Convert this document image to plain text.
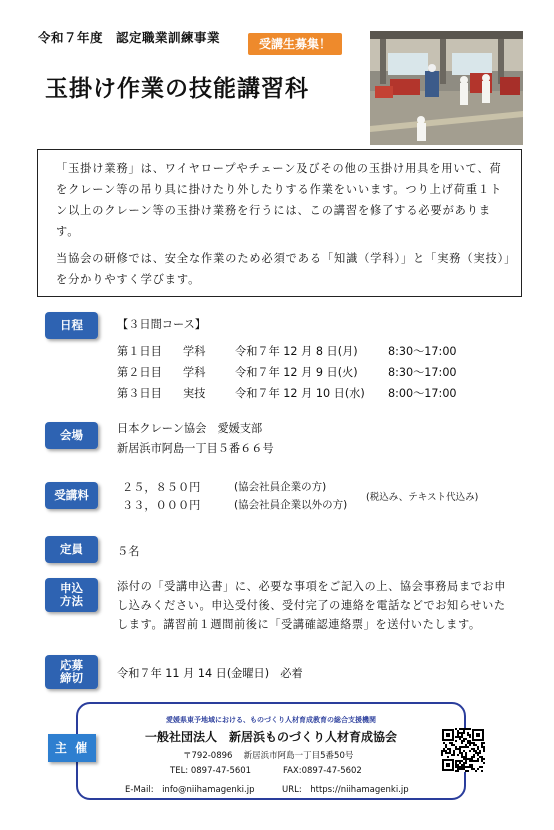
令和７年度　認定職業訓練事業	受講生募集！
玉掛け作業の技能講習科

「玉掛け業務」は、ワイヤロープやチェーン及びその他の玉掛け用具を用いて、荷をクレーン等の吊り具に掛けたり外したりする作業をいいます。つり上げ荷重１トン以上のクレーン等の玉掛け業務を行うには、この講習を修了する必要があります。

当協会の研修では、安全な作業のため必須である「知識（学科）」と「実務（実技）」を分かりやすく学びます。

日程	【３日間コース】
第１日目	学科	令和７年 12 月 8 日(月)	8:30～17:00
第２日目	学科	令和７年 12 月 9 日(火)	8:30～17:00
第３日目	実技	令和７年 12 月 10 日(水)	8:00～17:00
会場	日本クレーン協会　愛媛支部
新居浜市阿島一丁目５番６６号
受講料
２５，８５０円	(協会社員企業の方)
３３，０００円	(協会社員企業以外の方)
(税込み、テキスト代込み)
定員	５名
申込
方法
添付の「受講申込書」に、必要な事項をご記入の上、協会事務局までお申し込みください。申込受付後、受付完了の連絡を電話などでお知らせいたします。講習前１週間前後に「受講確認連絡票」を送付いたします。
応募
締切	令和７年 11 月 14 日(金曜日)　必着
主 催
愛媛県東予地域における、ものづくり人材育成教育の総合支援機関
一般社団法人　新居浜ものづくり人材育成協会
〒792-0896　 新居浜市阿島一丁目5番50号
TEL: 0897-47-5601	FAX:0897-47-5602
E-Mail:　info@niihamagenki.jp	URL:　https://niihamagenki.jp
